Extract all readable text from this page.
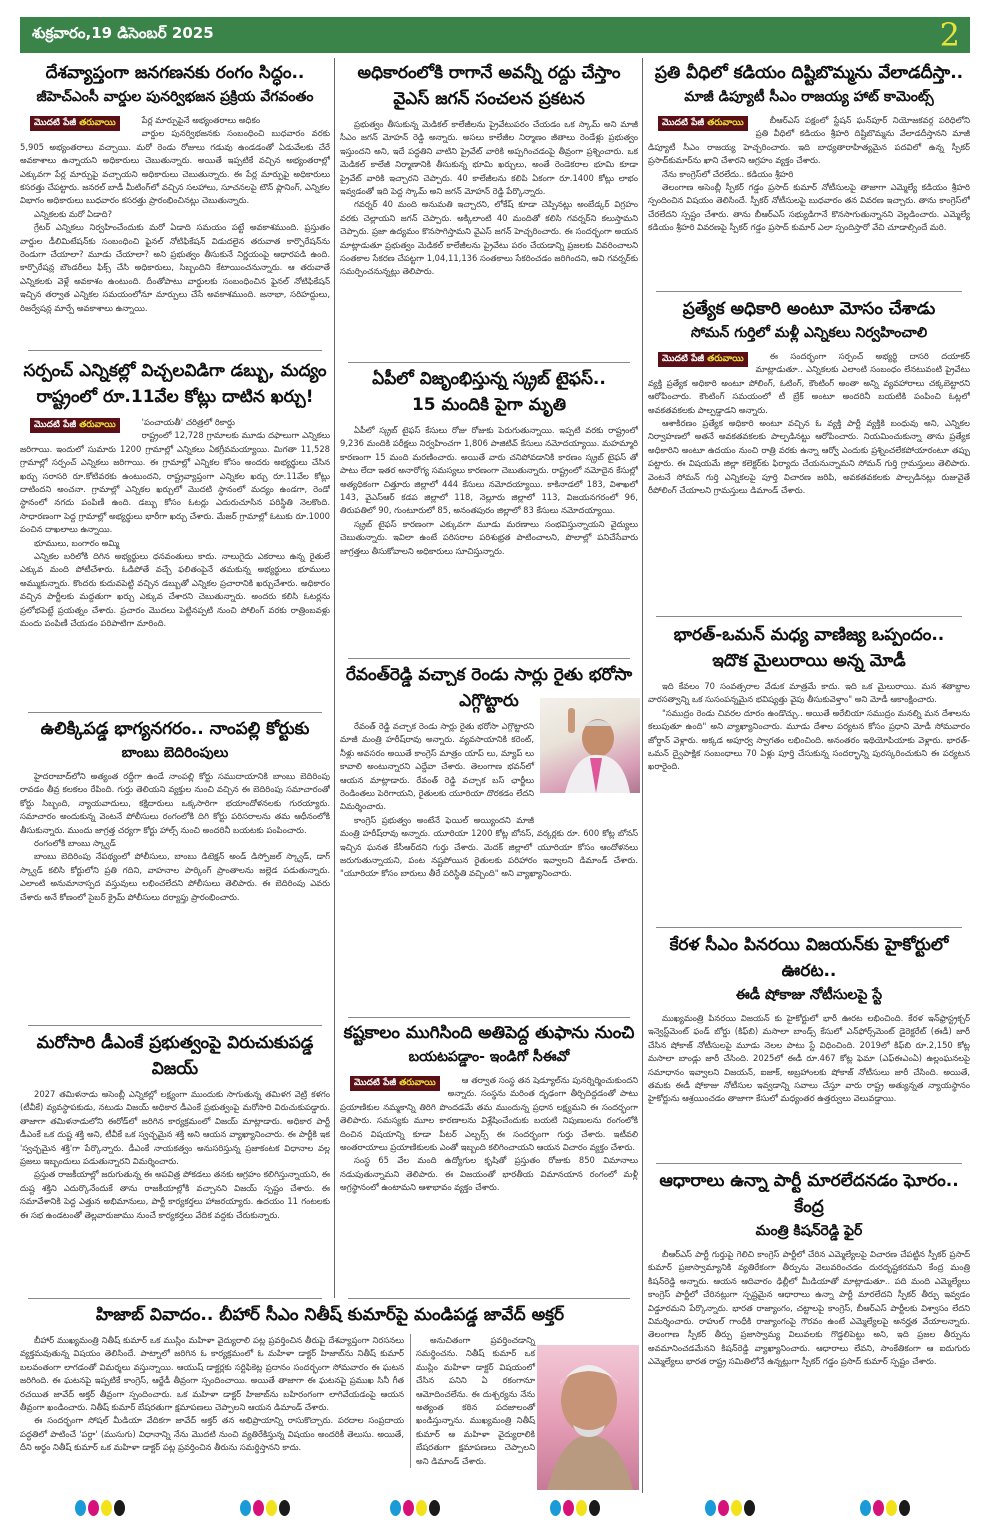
శుక్రవారం,19 డిసెంబర్ 2025	2
దేశవ్యాప్తంగా జనగణనకు రంగం సిద్ధం..
జీహెచ్ఎంసీ వార్డుల పునర్విభజన ప్రక్రియ వేగవంతం
మొదటి పేజీ తరువాయి	పేర్ల మార్పుపైనే అభ్యంతరాలు అధికం

వార్డుల పునర్విభజనకు సంబంధించి బుధవారం వరకు 5,905 అభ్యంతరాలు వచ్చాయి. మరో రెండు రోజులు గడువు ఉండడంతో ఏడువేలకు చేరే అవకాశాలు ఉన్నాయని అధికారులు చెబుతున్నారు. అయితే ఇప్పటికే వచ్చిన అభ్యంతరాల్లో ఎక్కువగా పేర్ల మార్పుపై వచ్చాయని అధికారులు చెబుతున్నారు. ఈ పేర్ల మార్పుపై అధికారులు కసరత్తు చేపట్టారు. జనరల్ బాడీ మీటింగ్‌లో వచ్చిన సలహాలు, సూచనలపై టౌన్ ప్లానింగ్, ఎన్నికల విభాగం అధికారులు బుధవారం కసరత్తు ప్రారంభించినట్లు చెబుతున్నారు.

ఎన్నికలకు మరో ఏడాది?

గ్రేటర్ ఎన్నికలు నిర్వహించేందుకు మరో ఏడాది సమయం పట్టే అవకాశముంది. ప్రస్తుతం వార్డుల డీలిమిటేషన్‌కు సంబంధించి ఫైనల్ నోటిఫికేషన్ విడుదలైన తరువాత కార్పొరేషన్‌ను రెండుగా చేయాలా? మూడు చేయాలా? అని ప్రభుత్వం తీసుకునే నిర్ణయంపై ఆధారపడి ఉంది. కార్పొరేషన్ల బౌండరీలు ఫిక్స్ చేసి అధికారులు, సిబ్బందిని కేటాయించనున్నారు. ఆ తరువాతే ఎన్నికలకు వెళ్లే అవకాశం ఉంటుంది. దీంతోపాటు వార్డులకు సంబంధించిన ఫైనల్ నోటిఫికేషన్ ఇచ్చిన తర్వాత ఎన్నికల సమయంలోనూ మార్పులు చేసే అవకాశముంది. జనాభా, సరిహద్దులు, రిజర్వేషన్ల మార్పే అవకాశాలు ఉన్నాయి.

సర్పంచ్ ఎన్నికల్లో విచ్చలవిడిగా డబ్బు, మద్యం
రాష్ట్రంలో రూ.11వేల కోట్లు దాటిన ఖర్చు!
మొదటి పేజీ తరువాయి	'పంచాయతీ' చరిత్రలో రికార్డు

రాష్ట్రంలో 12,728 గ్రామాలకు మూడు దఫాలుగా ఎన్నికలు జరిగాయి. ఇందులో సుమారు 1200 గ్రామాల్లో ఎన్నికలు ఏకగ్రీవమయ్యాయి. మిగతా 11,528 గ్రామాల్లో సర్పంచ్ ఎన్నికలు జరిగాయి. ఈ గ్రామాల్లో ఎన్నికల కోసం అందరు అభ్యర్థులు చేసిన ఖర్చు సరాసరి రూ.కోటివరకు ఉంటుందని, రాష్ట్రవ్యాప్తంగా ఎన్నికల ఖర్చు రూ.11వేల కోట్లు దాటిందని అంచనా. గ్రామాల్లో ఎన్నికల ఖర్చులో మొదటి స్థానంలో మద్యం ఉండగా, రెండో స్థానంలో నగదు పంపిణీ ఉంది. డబ్బు కోసం ఓటర్లు ఎదురుచూసిన పరిస్థితి నెలకొంది. సాధారణంగా పెద్ద గ్రామాల్లో అభ్యర్థులు భారీగా ఖర్చు చేశారు. మేజర్ గ్రామాల్లో ఓటుకు రూ.1000 పంచిన దాఖలాలు ఉన్నాయి.

భూములు, బంగారం అమ్మి

ఎన్నికల బరిలోకి దిగిన అభ్యర్థులు ధనవంతులు కాదు. నాలుగైదు ఎకరాలు ఉన్న రైతులే ఎక్కువ మంది పోటీచేశారు. ఓడిపోతే వచ్చే ఫలితంపైనే తమకున్న అభ్యర్థులు భూములు అమ్ముకున్నారు. కొందరు కుదువపెట్టి వచ్చిన డబ్బుతో ఎన్నికల ప్రచారానికి ఖర్చుచేశారు. అధికారం వచ్చిన పార్టీలకు మద్దతుగా ఖర్చు ఎక్కువ చేశారని చెబుతున్నారు. అందరు కలిసి ఓటర్లను ప్రలోభపెట్టే ప్రయత్నం చేశారు. ప్రచారం మొదలు పెట్టినప్పటి నుంచి పోలింగ్ వరకు రాత్రింబవళ్లు మందు పంపిణీ చేయడం పరిపాటిగా మారింది.

ఉలిక్కిపడ్డ భాగ్యనగరం.. నాంపల్లి కోర్టుకు
బాంబు బెదిరింపులు

హైదరాబాద్‌లోని అత్యంత రద్దీగా ఉండే నాంపల్లి కోర్టు సముదాయానికి బాంబు బెదిరింపు రావడం తీవ్ర కలకలం రేపింది. గుర్తు తెలియని వ్యక్తుల నుంచి వచ్చిన ఈ బెదిరింపు సమాచారంతో కోర్టు సిబ్బంది, న్యాయవాదులు, కక్షిదారులు ఒక్కసారిగా భయాందోళనలకు గురయ్యారు. సమాచారం అందుకున్న వెంటనే పోలీసులు రంగంలోకి దిగి కోర్టు పరిసరాలను తమ ఆధీనంలోకి తీసుకున్నారు. ముందు జాగ్రత్త చర్యగా కోర్టు హాల్స్ నుంచి అందరినీ బయటకు పంపించారు.

రంగంలోకి బాంబు స్క్వాడ్

బాంబు బెదిరింపు నేపథ్యంలో పోలీసులు, బాంబు డిటెక్షన్ అండ్ డిస్పోజల్ స్క్వాడ్, డాగ్ స్క్వాడ్ కలిసి కోర్టులోని ప్రతి గదిని, వాహనాల పార్కింగ్ ప్రాంతాలను జల్లెడ పడుతున్నారు. ఎలాంటి అనుమానాస్పద వస్తువులు లభించలేదని పోలీసులు తెలిపారు. ఈ బెదిరింపు ఎవరు చేశారు అనే కోణంలో సైబర్ క్రైమ్ పోలీసులు దర్యాప్తు ప్రారంభించారు.

మరోసారి డీఎంకే ప్రభుత్వంపై విరుచుకుపడ్డ విజయ్

2027 తమిళనాడు అసెంబ్లీ ఎన్నికల్లో లక్ష్యంగా ముందుకు సాగుతున్న తమిళగ వెట్రి కళగం (టీవీకే) వ్యవస్థాపకుడు, నటుడు విజయ్ అధికార డీఎంకే ప్రభుత్వంపై మరోసారి విరుచుకుపడ్డారు. తాజాగా తమిళనాడులోని ఈరోడ్‌లో జరిగిన కార్యక్రమంలో విజయ్ మాట్లాడారు. అధికార పార్టీ డీఎంకే ఒక దుష్ట శక్తి అని, టీవీకే ఒక స్వచ్ఛమైన శక్తి అని ఆయన వ్యాఖ్యానించారు. ఈ పార్టీకి ఇక 'స్వచ్ఛమైన శక్తి'గా పేర్కొన్నారు. డీఎంకే నాయకత్వం అనుసరిస్తున్న ప్రజాకంటక విధానాల వల్ల ప్రజలు ఇబ్బందులు పడుతున్నారని విమర్శించారు.

ప్రస్తుత రాజకీయాల్లో జరుగుతున్న ఈ అపవిత్ర పోకడలు తనకు ఆగ్రహం కలిగిస్తున్నాయని, ఈ దుష్ట శక్తిని ఎదుర్కొనేందుకే తాను రాజకీయాల్లోకి వచ్చానని విజయ్ స్పష్టం చేశారు. ఈ సమావేశానికి పెద్ద ఎత్తున అభిమానులు, పార్టీ కార్యకర్తలు హాజరయ్యారు. ఉదయం 11 గంటలకు ఈ సభ ఉండటంతో తెల్లవారుజాము నుంచే కార్యకర్తలు వేదిక వద్దకు చేరుకున్నారు.

అధికారంలోకి రాగానే అవన్నీ రద్దు చేస్తాం
వైఎస్ జగన్ సంచలన ప్రకటన

ప్రభుత్వం తీసుకున్న మెడికల్ కాలేజీలను ప్రైవేటుపరం చేయడం ఒక స్కామ్ అని మాజీ సీఎం జగన్ మోహన్ రెడ్డి అన్నారు. అసలు కాలేజీల నిర్మాణం జీతాలు రెండేళ్లు ప్రభుత్వం ఇస్తుందని అని, ఇదే పద్ధతిని వాటిని ప్రైవేట్ వారికి అప్పగించడంపై తీవ్రంగా ప్రశ్నించారు. ఒక మెడికల్ కాలేజీ నిర్మాణానికి తీసుకున్న భూమి ఖర్చులు, అంతే రెండెకరాల భూమి కూడా ప్రైవేట్ వారికి ఇచ్చారని చెప్పారు. 40 కాలేజీలను కలిపి ఏకంగా రూ.1400 కోట్లు లాభం ఇవ్వడంతో ఇది పెద్ద స్కామ్ అని జగన్ మోహన్ రెడ్డి పేర్కొన్నారు.

గవర్నర్ 40 మంది అనుమతి ఇచ్చారని, లోకేష్ కూడా చెప్పినట్లు అంబేడ్కర్ విగ్రహం వరకు చెల్లాయని జగన్ చెప్పారు. అక్కిలాంటి 40 మందితో కలిసి గవర్నర్‌ని కలుస్తామని చెప్పారు. ప్రజా ఉద్యమం కొనసాగిస్తామని వైఎస్ జగన్ హెచ్చరించారు. ఈ సందర్భంగా అయన మాట్లాడుతూ ప్రభుత్వం మెడికల్ కాలేజీలను ప్రైవేటు పరం చేయడాన్ని ప్రజలకు వివరించాలని సంతకాల సేకరణ చేపట్టగా 1,04,11,136 సంతకాలు సేకరించడం జరిగిందని, అవి గవర్నర్‌కు సమర్పించనున్నట్లు తెలిపారు.

ఏపీలో విజృంభిస్తున్న స్క్రబ్ టైఫస్..
15 మందికి పైగా మృతి

ఏపీలో స్క్రబ్ టైఫస్ కేసులు రోజు రోజుకు పెరుగుతున్నాయి. ఇప్పటి వరకు రాష్ట్రంలో 9,236 మందికి పరీక్షలు నిర్వహించగా 1,806 పాజిటివ్ కేసులు నమోదయ్యాయి. మహమ్మారి కారణంగా 15 మంది మరణించారు. అయితే వారు చనిపోవడానికి కారణం స్క్రబ్ టైఫస్ తో పాటు లేదా ఇతర అనారోగ్య సమస్యలు కారణంగా చెబుతున్నారు. రాష్ట్రంలో నమోదైన కేసుల్లో అత్యధికంగా చిత్తూరు జిల్లాలో 444 కేసులు నమోదయ్యాయి. కాకినాడలో 183, విశాఖలో 143, వైఎస్ఆర్ కడప జిల్లాలో 118, నెల్లూరు జిల్లాలో 113, విజయనగరంలో 96, తిరుపతిలో 90, గుంటూరులో 85, అనంతపురం జిల్లాలో 83 కేసులు నమోదయ్యాయి.

స్క్రబ్ టైఫస్ కారణంగా ఎక్కువగా మూడు మరణాలు సంభవిస్తున్నాయని వైద్యులు చెబుతున్నారు. ఇవిలా ఉంటే పరిసరాల పరిశుభ్రత పాటించాలని, పొలాల్లో పనిచేసేవారు జాగ్రత్తలు తీసుకోవాలని అధికారులు సూచిస్తున్నారు.

రేవంత్‌రెడ్డి వచ్చాక రెండు సార్లు రైతు భరోసా ఎగ్గొట్టారు

రేవంత్ రెడ్డి వచ్చాక రెండు సార్లు రైతు భరోసా ఎగ్గొట్టారని మాజీ మంత్రి హరీష్‌రావు అన్నారు. వ్యవసాయానికి కరెంట్, నీళ్లు అవసరం అయితే కాంగ్రెస్ మాత్రం యాప్ లు, మ్యాప్ లు కావాలి అంటున్నారని ఎద్దేవా చేశారు. తెలంగాణ భవన్‌లో ఆయన మాట్లాడారు. రేవంత్ రెడ్డి వచ్చాక బస్ ఛార్జీలు రెండింతలు పెరిగాయని, రైతులకు యూరియా దొరకడం లేదని విమర్శించారు.

కాంగ్రెస్ ప్రభుత్వం అంటేనే ఫెయిల్ అయ్యిందని మాజీ మంత్రి హరీష్‌రావు అన్నారు. యూరియా 1200 కోట్ల బోనస్, వర్కర్లకు రూ. 600 కోట్ల బోనస్ ఇచ్చిన ఘనత కేసీఆర్‌దని గుర్తు చేశారు. మెదక్ జిల్లాలో యూరియా కోసం ఆందోళనలు జరుగుతున్నాయని, పంట నష్టపోయిన రైతులకు పరిహారం ఇవ్వాలని డిమాండ్ చేశారు. "యూరియా కోసం బారులు తీరే పరిస్థితి వచ్చింది" అని వ్యాఖ్యానించారు.

కష్టకాలం ముగిసింది అతిపెద్ద తుఫాను నుంచి
బయటపడ్డాం- ఇండిగో సీఈవో
మొదటి పేజీ తరువాయి	ఆ తర్వాత సంస్థ తన షెడ్యూల్‌ను పునర్నిర్మించుకుందని అన్నారు. సంస్థను మరింత దృఢంగా తీర్చిదిద్దడంతో పాటు ప్రయాణికుల నమ్మకాన్ని తిరిగి పొందడమే తమ ముందున్న ప్రధాన లక్ష్యమని ఈ సందర్భంగా తెలిపారు. సమస్యకు మూల కారణాలను విశ్లేషించేందుకు బయటి నిపుణులను రంగంలోకి దించిన విషయాన్ని కూడా పీటర్ ఎల్బర్స్ ఈ సందర్భంగా గుర్తు చేశారు. ఇటీవలి అంతరాయాలు ప్రయాణికులకు ఎంతో ఇబ్బంది కలిగించాయని ఆయన విచారం వ్యక్తం చేశారు.

సంస్థ 65 వేల మంది ఉద్యోగుల కృషితో ప్రస్తుతం రోజుకు 850 విమానాలు నడుపుతున్నామని తెలిపారు. ఈ విజయంతో భారతీయ విమానయాన రంగంలో మళ్లీ అగ్రస్థానంలో ఉంటామని ఆశాభావం వ్యక్తం చేశారు.

ప్రతి వీధిలో కడియం దిష్టిబొమ్మను వేలాడదీస్తా..
మాజీ డిప్యూటీ సీఎం రాజయ్య హాట్ కామెంట్స్
మొదటి పేజీ తరువాయి	బీఆర్ఎస్ పక్షంలో స్టేషన్ ఘన్‌పూర్ నియోజకవర్గ పరిధిలోని ప్రతి వీధిలో కడియం శ్రీహరి దిష్టిబొమ్మను వేలాడదీస్తానని మాజీ డిప్యూటీ సీఎం రాజయ్య హెచ్చరించారు. ఇది బాధ్యతారాహిత్యమైన పదవిలో ఉన్న స్పీకర్ ప్రసాద్‌కుమార్‌ను ఖాని చేశారని ఆగ్రహం వ్యక్తం చేశారు.

నేను కాంగ్రెస్‌లో చేరలేదు.. కడియం శ్రీహరి

తెలంగాణ అసెంబ్లీ స్పీకర్ గడ్డం ప్రసాద్ కుమార్ నోటీసులపై తాజాగా ఎమ్మెల్యే కడియం శ్రీహరి స్పందించిన విషయం తెలిసిందే. స్పీకర్ నోటీసులపై బుధవారం తన వివరణ ఇచ్చారు. తాను కాంగ్రెస్‌లో చేరలేదని స్పష్టం చేశారు. తాను బీఆర్ఎస్ సభ్యుడిగానే కొనసాగుతున్నానని వెల్లడించారు. ఎమ్మెల్యే కడియం శ్రీహరి వివరణపై స్పీకర్ గడ్డం ప్రసాద్ కుమార్ ఎలా స్పందిస్తారో వేచి చూడాల్సిందే మరి.

ప్రత్యేక అధికారి అంటూ మోసం చేశాడు
సోమన్ గుర్తిలో మళ్లీ ఎన్నికలు నిర్వహించాలి
మొదటి పేజీ తరువాయి	ఈ సందర్భంగా సర్పంచ్ అభ్యర్థి దాసరి దయాకర్ మాట్లాడుతూ.. ఎన్నికలకు ఎలాంటి సంబంధం లేనటువంటి ప్రైవేటు వ్యక్తి ప్రత్యేక అధికారి అంటూ పోలింగ్, ఓటింగ్, కౌంటింగ్ అంతా అన్ని వ్యవహారాలు చక్కబెట్టారని ఆరోపించారు. కౌంటింగ్ సమయంలో టీ బ్రేక్ అంటూ అందరినీ బయటికి పంపించి ఓట్లలో అవకతవకలకు పాల్పడ్డాడని అన్నారు.

ఆశాకిరణం ప్రత్యేక అధికారి అంటూ వచ్చిన ఓ వ్యక్తి పార్టీ వ్యక్తికి బంధువు అని, ఎన్నికల నిర్వాహణలో అతనే అవకతవకలకు పాల్పడినట్టు ఆరోపించారు. నియమించుకున్నా తాను ప్రత్యేక అధికారిని అంటూ ఉదయం నుంచి రాత్రి వరకు ఉన్నా ఆర్వో ఎందుకు ప్రశ్నించలేకపోయారంటూ తప్పు పట్టారు. ఈ విషయమే జిల్లా కలెక్టర్‌కు ఫిర్యాదు చేయనున్నామని సోమన్ గుర్తి గ్రామస్తులు తెలిపారు. వెంటనే సోమన్ గుర్తి ఎన్నికలపై పూర్తి విచారణ జరిపి, అవకతవకలకు పాల్పడినట్లు రుజువైతే రీపోలింగ్ చేయాలని గ్రామస్తులు డిమాండ్ చేశారు.

భారత్-ఒమన్ మధ్య వాణిజ్య ఒప్పందం..
ఇదొక మైలురాయి అన్న మోడీ

ఇది కేవలం 70 సంవత్సరాల వేడుక మాత్రమే కాదు. ఇది ఒక మైలురాయి. మన శతాబ్దాల వారసత్వాన్ని ఒక సుసంపన్నమైన భవిష్యత్తు వైపు తీసుకువెళ్తాం" అని మోడీ ఆకాంక్షించారు.

"సముద్రం రెండు చివరల దూరం ఉండొచ్చు.. అయితే అరేబియా సముద్రం మనల్ని మన దేశాలను కలుపుతూ ఉంది" అని వ్యాఖ్యానించారు. మూడు దేశాల పర్యటన కోసం ప్రధాని మోడీ సోమవారం జోర్డాన్ వెళ్లారు. అక్కడ అపూర్వ స్వాగతం లభించింది. అనంతరం ఇథియోపియాకు వెళ్లారు. భారత్-ఒమన్ ద్వైపాక్షిక సంబంధాలు 70 ఏళ్లు పూర్తి చేసుకున్న సందర్భాన్ని పురస్కరించుకుని ఈ పర్యటన ఖరారైంది.

కేరళ సీఎం పినరయి విజయన్‌కు హైకోర్టులో ఊరట..
ఈడీ షోకాజు నోటీసులపై స్టే

ముఖ్యమంత్రి పినరయి విజయన్ కు హైకోర్టులో భారీ ఊరట లభించింది. కేరళ ఇన్‌ఫ్రాస్ట్రక్చర్ ఇన్వెస్ట్‌మెంట్ ఫండ్ బోర్డు (కిఫ్‌బి) మసాలా బాండ్స్ కేసులో ఎన్‌ఫోర్స్‌మెంట్ డైరెక్టరేట్ (ఈడీ) జారీ చేసిన షోకాజ్ నోటీసులపై మూడు నెలల పాటు స్టే విధించింది. 2019లో కిఫ్‌బి రూ.2,150 కోట్ల మసాలా బాండ్లు జారీ చేసింది. 2025లో ఈడీ రూ.467 కోట్ల ఫెమా (ఎఫ్ఈఎంఏ) ఉల్లంఘనలపై సమాధానం ఇవ్వాలని విజయన్, ఐజాక్, అబ్రహాంలకు షోకాజ్ నోటీసులు జారీ చేసింది. అయితే, తమకు ఈడీ షోకాజు నోటీసుల ఇవ్వడాన్ని సవాలు చేస్తూ వారు రాష్ట్ర అత్యున్నత న్యాయస్థానం హైకోర్టును ఆశ్రయించడం తాజాగా కేసులో మధ్యంతర ఉత్తర్వులు వెలువడ్డాయి.

ఆధారాలు ఉన్నా పార్టీ మారలేదనడం ఘోరం.. కేంద్ర
మంత్రి కిషన్‌రెడ్డి ఫైర్

బీఆర్ఎస్ పార్టీ గుర్తుపై గెలిచి కాంగ్రెస్ పార్టీలో చేరిన ఎమ్మెల్యేలపై విచారణ చేపట్టిన స్పీకర్ ప్రసాద్ కుమార్ ప్రజాస్వామ్యానికి వ్యతిరేకంగా తీర్పును వెలువరించడం దురదృష్టకరమని కేంద్ర మంత్రి కిషన్‌రెడ్డి అన్నారు. ఆయన ఆదివారం ఢిల్లీలో మీడియాతో మాట్లాడుతూ.. పది మంది ఎమ్మెల్యేలు కాంగ్రెస్ పార్టీలో చేరినట్లుగా స్పష్టమైన ఆధారాలు ఉన్నా పార్టీ మారలేదని స్పీకర్ తీర్పు ఇవ్వడం విడ్డూరమని పేర్కొన్నారు. భారత రాజ్యాంగం, చట్టాలపై కాంగ్రెస్, బీఆర్ఎస్ పార్టీలకు విశ్వాసం లేదని విమర్శించారు. రాహుల్ గాంధీకి రాజ్యాంగంపై గౌరవం ఉంటే ఎమ్మెల్యేలపై అనర్హత వేయాలన్నారు. తెలంగాణ స్పీకర్ తీర్పు ప్రజాస్వామ్య విలువలకు గొడ్డలిపెట్టు అని, ఇది ప్రజల తీర్పును అవమానించడమేనని కిషన్‌రెడ్డి వ్యాఖ్యానించారు. ఆధారాలు లేవని, సాంకేతికంగా ఆ ఐదుగురు ఎమ్మెల్యేలు భారత రాష్ట్ర సమితిలోనే ఉన్నట్లుగా స్పీకర్ గడ్డం ప్రసాద్ కుమార్ స్పష్టం చేశారు.

హిజాబ్ వివాదం.. బీహార్ సీఎం నితీష్ కుమార్‌పై మండిపడ్డ జావేద్ అక్తర్

బీహార్ ముఖ్యమంత్రి నితీష్ కుమార్ ఒక ముస్లిం మహిళా వైద్యురాలి పట్ల ప్రవర్తించిన తీరుపై దేశవ్యాప్తంగా నిరసనలు వ్యక్తమవుతున్న విషయం తెలిసిందే. పాట్నాలో జరిగిన ఓ కార్యక్రమంలో ఓ మహిళా డాక్టర్ హిజాబ్‌ను నితీష్ కుమార్ బలవంతంగా లాగడంతో విమర్శలు వస్తున్నాయి. ఆయుష్ డాక్టర్లకు సర్టిఫికెట్ల ప్రదానం సందర్భంగా సోమవారం ఈ ఘటన జరిగింది. ఈ ఘటనపై ఇప్పటికే కాంగ్రెస్, ఆర్జేడీ తీవ్రంగా స్పందించాయి. అయితే తాజాగా ఈ ఘటనపై ప్రముఖ సినీ గీత రచయిత జావేద్ అక్తర్ తీవ్రంగా స్పందించారు. ఒక మహిళా డాక్టర్ హిజాబ్‌ను బహిరంగంగా లాగివేయడంపై ఆయన తీవ్రంగా ఖండించారు. నితీష్ కుమార్ బేషరతుగా క్షమాపణలు చెప్పాలని ఆయన డిమాండ్ చేశారు.

ఈ సందర్భంగా సోషల్ మీడియా వేదికగా జావేద్ అక్తర్ తన అభిప్రాయాన్ని రాసుకొచ్చారు. పరదాల సంప్రదాయ పద్ధతిలో పాటించే 'పర్దా' (ముసుగు) విధానాన్ని నేను మొదటి నుంచి వ్యతిరేకిస్తున్న విషయం అందరికీ తెలుసు. అయితే, దీని అర్థం నితీష్ కుమార్ ఒక మహిళా డాక్టర్ పట్ల ప్రవర్తించిన తీరును సమర్థిస్తానని కాదు.

అనుచితంగా ప్రవర్తించడాన్ని సమర్థించను. నితీష్ కుమార్ ఒక ముస్లిం మహిళా డాక్టర్ విషయంలో చేసిన పనిని ఏ రకంగానూ ఆమోదించలేను. ఈ దుశ్చర్యను నేను అత్యంత కఠిన పదజాలంతో ఖండిస్తున్నాను. ముఖ్యమంత్రి నితీష్ కుమార్ ఆ మహిళా వైద్యురాలికి బేషరతుగా క్షమాపణలు చెప్పాలని అని డిమాండ్ చేశారు.
